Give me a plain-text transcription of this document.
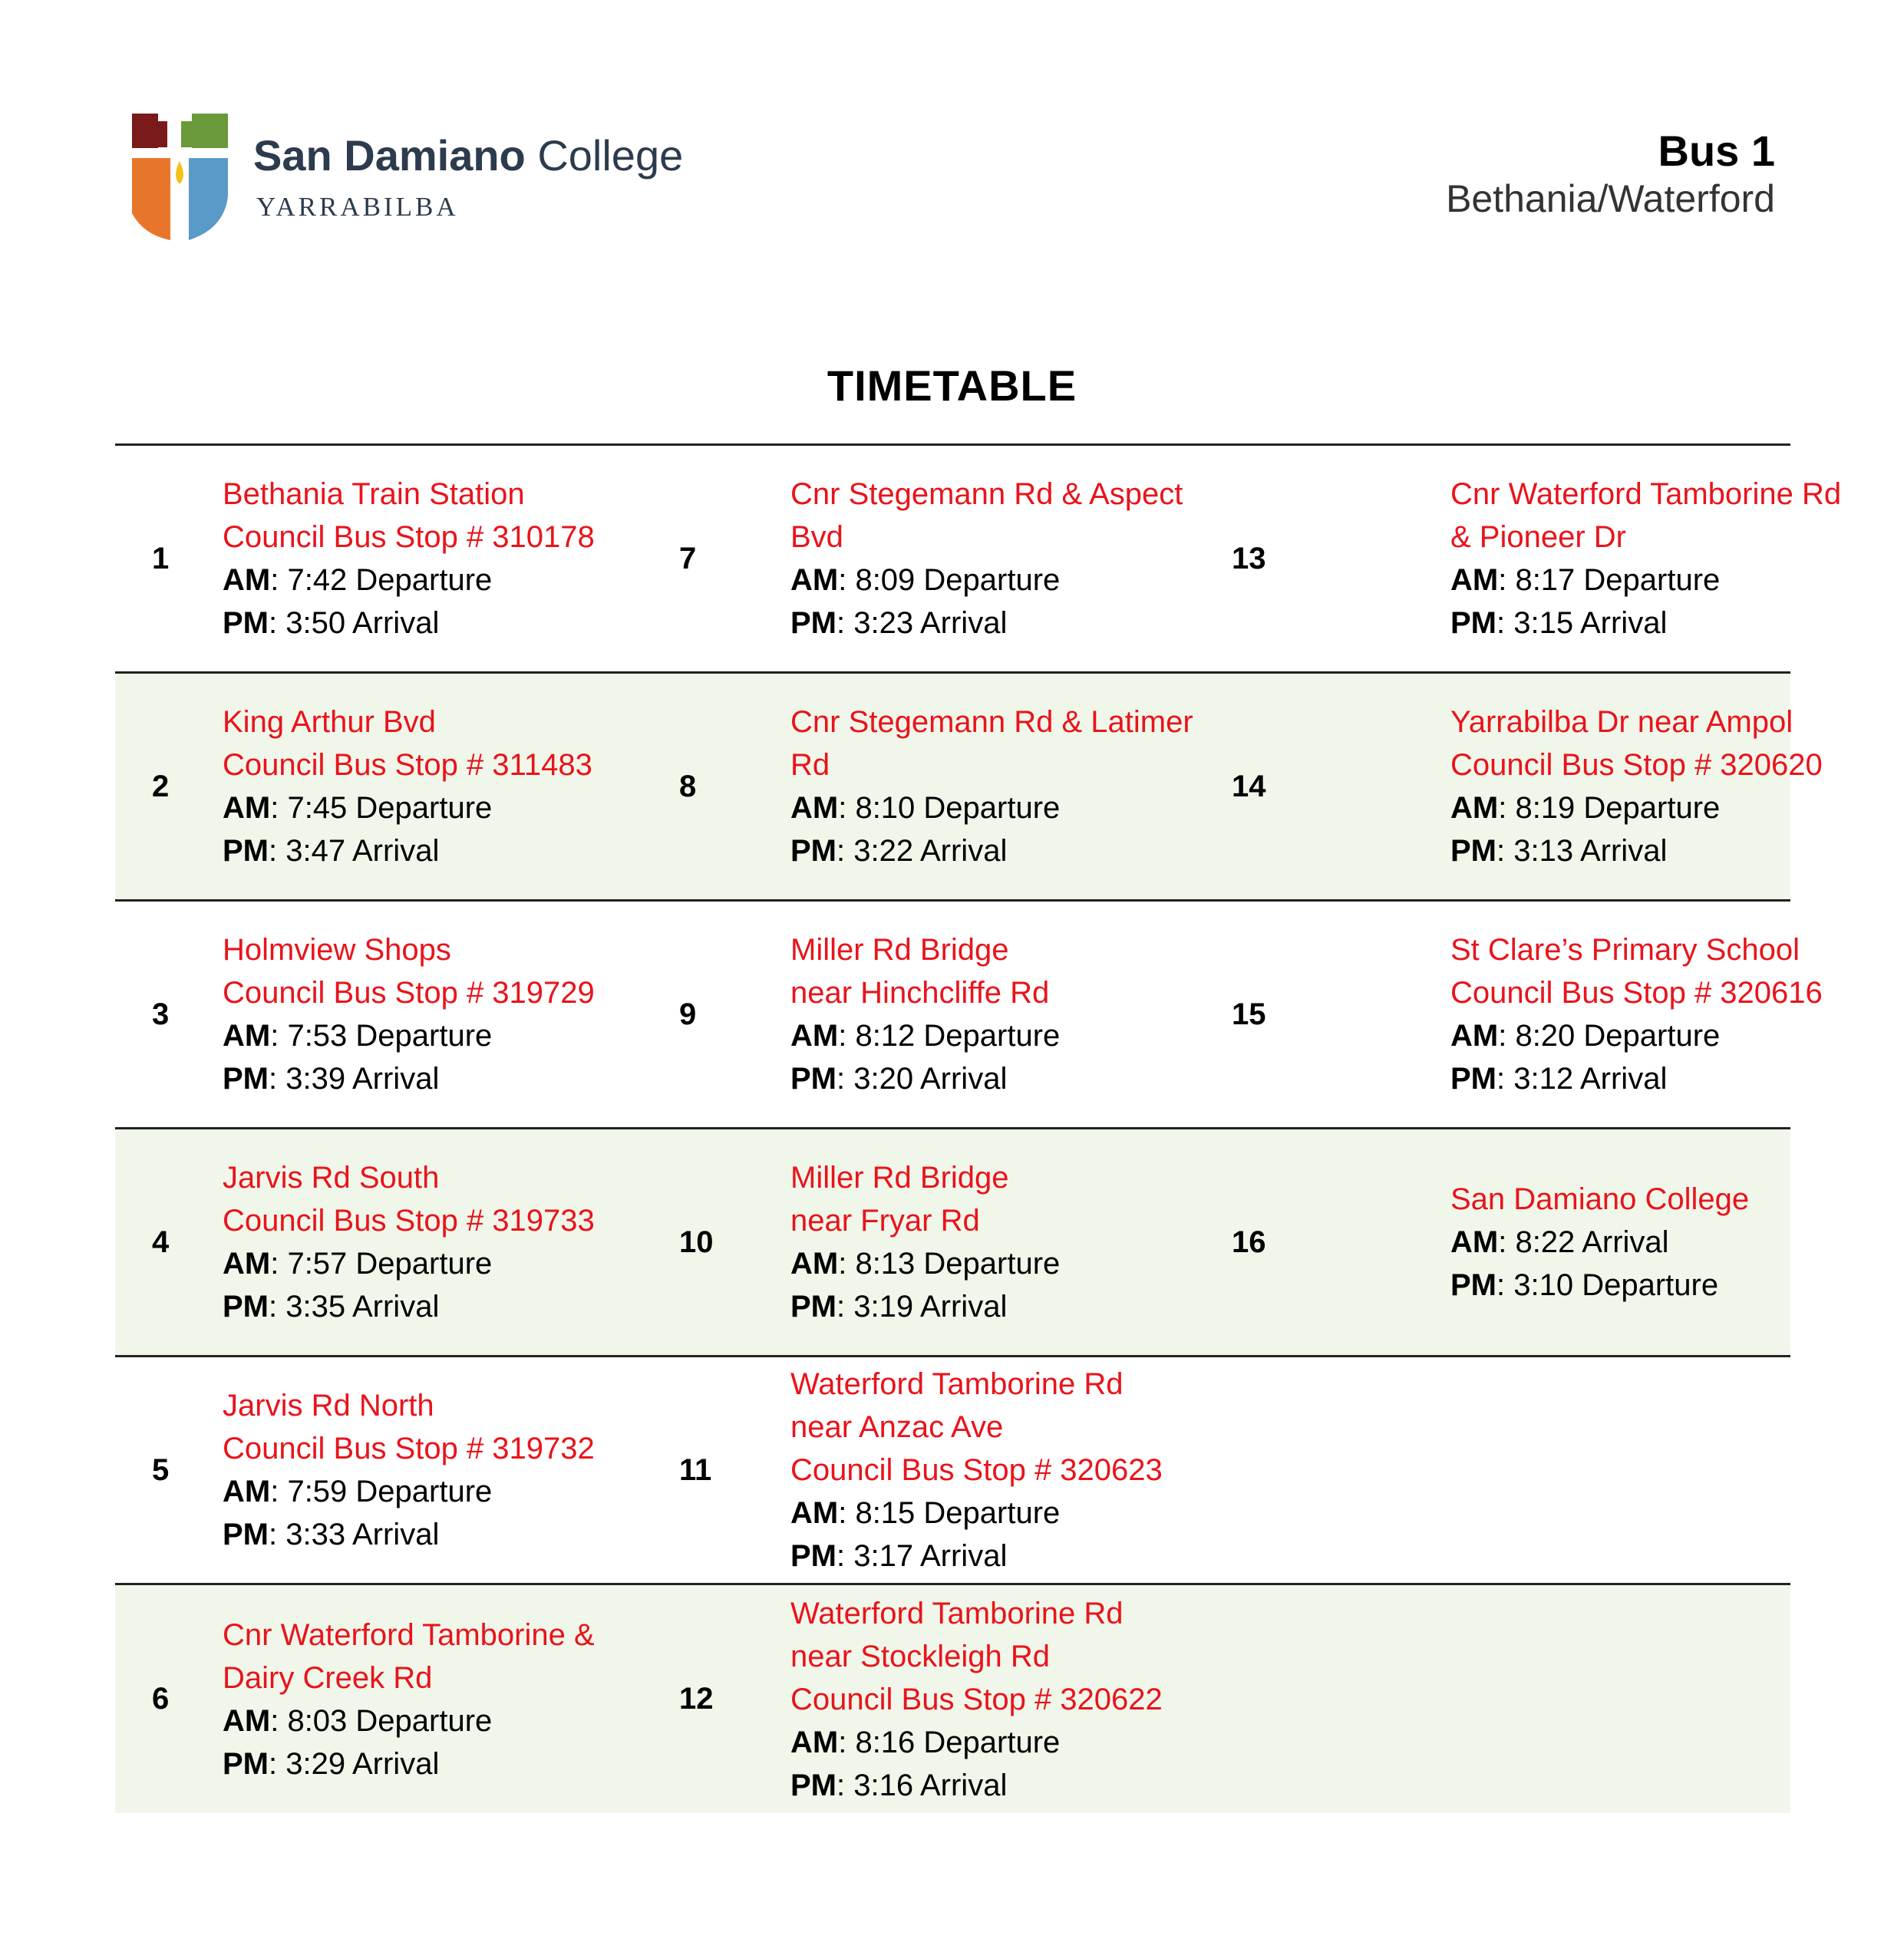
San Damiano College
YARRABILBA
Bus 1
Bethania/Waterford
TIMETABLE
1
Bethania Train Station
Council Bus Stop # 310178
AM: 7:42 Departure
PM: 3:50 Arrival
7
Cnr Stegemann Rd & Aspect
Bvd
AM: 8:09 Departure
PM: 3:23 Arrival
13
Cnr Waterford Tamborine Rd
& Pioneer Dr
AM: 8:17 Departure
PM: 3:15 Arrival
2
King Arthur Bvd
Council Bus Stop # 311483
AM: 7:45 Departure
PM: 3:47 Arrival
8
Cnr Stegemann Rd & Latimer
Rd
AM: 8:10 Departure
PM: 3:22 Arrival
14
Yarrabilba Dr near Ampol
Council Bus Stop # 320620
AM: 8:19 Departure
PM: 3:13 Arrival
3
Holmview Shops
Council Bus Stop # 319729
AM: 7:53 Departure
PM: 3:39 Arrival
9
Miller Rd Bridge
near Hinchcliffe Rd
AM: 8:12 Departure
PM: 3:20 Arrival
15
St Clare’s Primary School
Council Bus Stop # 320616
AM: 8:20 Departure
PM: 3:12 Arrival
4
Jarvis Rd South
Council Bus Stop # 319733
AM: 7:57 Departure
PM: 3:35 Arrival
10
Miller Rd Bridge
near Fryar Rd
AM: 8:13 Departure
PM: 3:19 Arrival
16
San Damiano College
AM: 8:22 Arrival
PM: 3:10 Departure
5
Jarvis Rd North
Council Bus Stop # 319732
AM: 7:59 Departure
PM: 3:33 Arrival
11
Waterford Tamborine Rd
near Anzac Ave
Council Bus Stop # 320623
AM: 8:15 Departure
PM: 3:17 Arrival
6
Cnr Waterford Tamborine &
Dairy Creek Rd
AM: 8:03 Departure
PM: 3:29 Arrival
12
Waterford Tamborine Rd
near Stockleigh Rd
Council Bus Stop # 320622
AM: 8:16 Departure
PM: 3:16 Arrival
